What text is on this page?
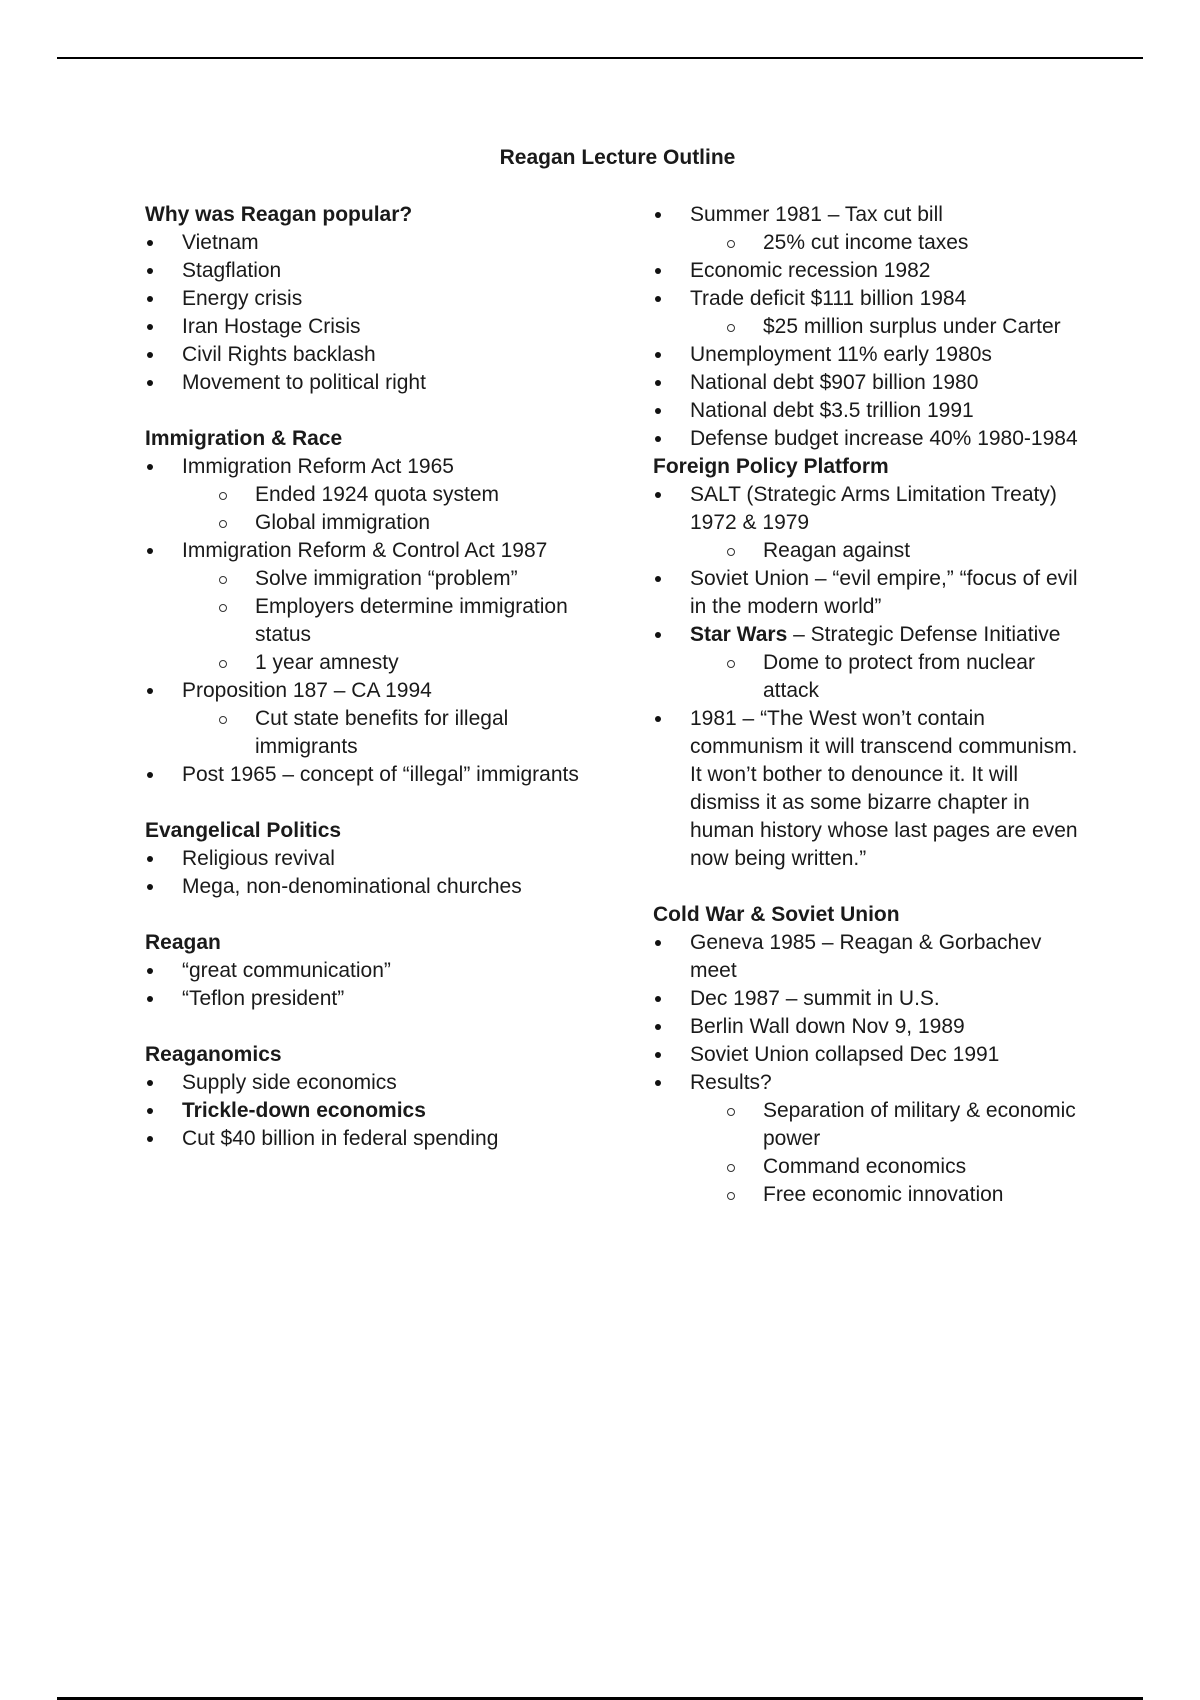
Reagan Lecture Outline
Why was Reagan popular?
Vietnam
Stagflation
Energy crisis
Iran Hostage Crisis
Civil Rights backlash
Movement to political right
Immigration & Race
Immigration Reform Act 1965
Ended 1924 quota system
Global immigration
Immigration Reform & Control Act 1987
Solve immigration “problem”
Employers determine immigration status
1 year amnesty
Proposition 187 – CA 1994
Cut state benefits for illegal immigrants
Post 1965 – concept of “illegal” immigrants
Evangelical Politics
Religious revival
Mega, non-denominational churches
Reagan
“great communication”
“Teflon president”
Reaganomics
Supply side economics
Trickle-down economics
Cut $40 billion in federal spending
Summer 1981 – Tax cut bill
25% cut income taxes
Economic recession 1982
Trade deficit $111 billion 1984
$25 million surplus under Carter
Unemployment 11% early 1980s
National debt $907 billion 1980
National debt $3.5 trillion 1991
Defense budget increase 40% 1980-1984
Foreign Policy Platform
SALT (Strategic Arms Limitation Treaty) 1972 & 1979
Reagan against
Soviet Union – “evil empire,” “focus of evil in the modern world”
Star Wars – Strategic Defense Initiative
Dome to protect from nuclear attack
1981 – “The West won’t contain communism it will transcend communism. It won’t bother to denounce it. It will dismiss it as some bizarre chapter in human history whose last pages are even now being written.”
Cold War & Soviet Union
Geneva 1985 – Reagan & Gorbachev meet
Dec 1987 – summit in U.S.
Berlin Wall down Nov 9, 1989
Soviet Union collapsed Dec 1991
Results?
Separation of military & economic power
Command economics
Free economic innovation
